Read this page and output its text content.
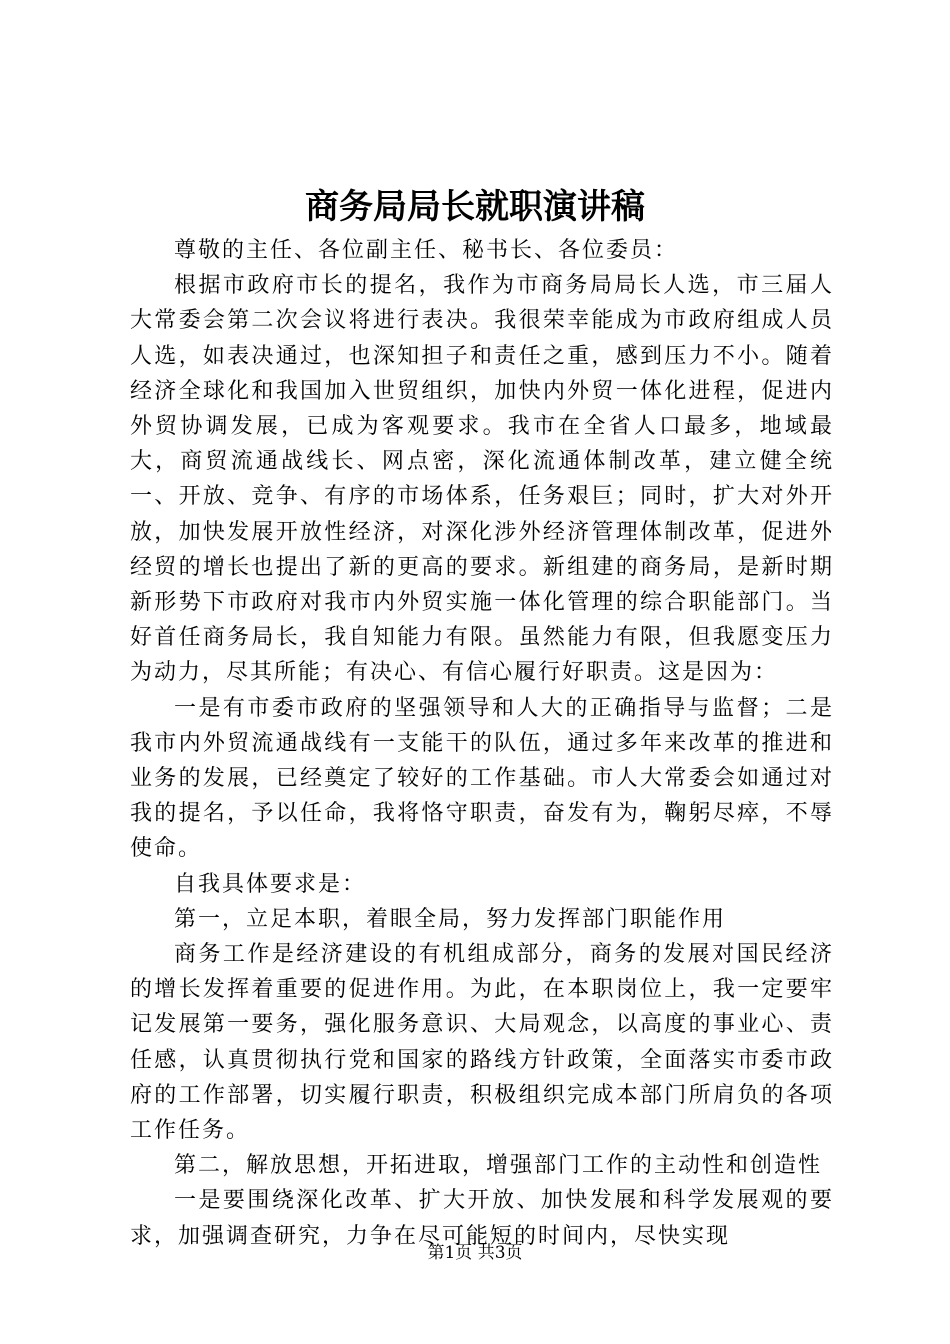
商务局局长就职演讲稿

尊敬的主任、各位副主任、秘书长、各位委员：

根据市政府市长的提名，我作为市商务局局长人选，市三届人大常委会第二次会议将进行表决。我很荣幸能成为市政府组成人员人选，如表决通过，也深知担子和责任之重，感到压力不小。随着经济全球化和我国加入世贸组织，加快内外贸一体化进程，促进内外贸协调发展，已成为客观要求。我市在全省人口最多，地域最大，商贸流通战线长、网点密，深化流通体制改革，建立健全统一、开放、竞争、有序的市场体系，任务艰巨；同时，扩大对外开放，加快发展开放性经济，对深化涉外经济管理体制改革，促进外经贸的增长也提出了新的更高的要求。新组建的商务局，是新时期新形势下市政府对我市内外贸实施一体化管理的综合职能部门。当好首任商务局长，我自知能力有限。虽然能力有限，但我愿变压力为动力，尽其所能；有决心、有信心履行好职责。这是因为：

一是有市委市政府的坚强领导和人大的正确指导与监督；二是我市内外贸流通战线有一支能干的队伍，通过多年来改革的推进和业务的发展，已经奠定了较好的工作基础。市人大常委会如通过对我的提名，予以任命，我将恪守职责，奋发有为，鞠躬尽瘁，不辱使命。

自我具体要求是：

第一，立足本职，着眼全局，努力发挥部门职能作用

商务工作是经济建设的有机组成部分，商务的发展对国民经济的增长发挥着重要的促进作用。为此，在本职岗位上，我一定要牢记发展第一要务，强化服务意识、大局观念，以高度的事业心、责任感，认真贯彻执行党和国家的路线方针政策，全面落实市委市政府的工作部署，切实履行职责，积极组织完成本部门所肩负的各项工作任务。

第二，解放思想，开拓进取，增强部门工作的主动性和创造性

一是要围绕深化改革、扩大开放、加快发展和科学发展观的要求，加强调查研究，力争在尽可能短的时间内，尽快实现

第1页 共3页
